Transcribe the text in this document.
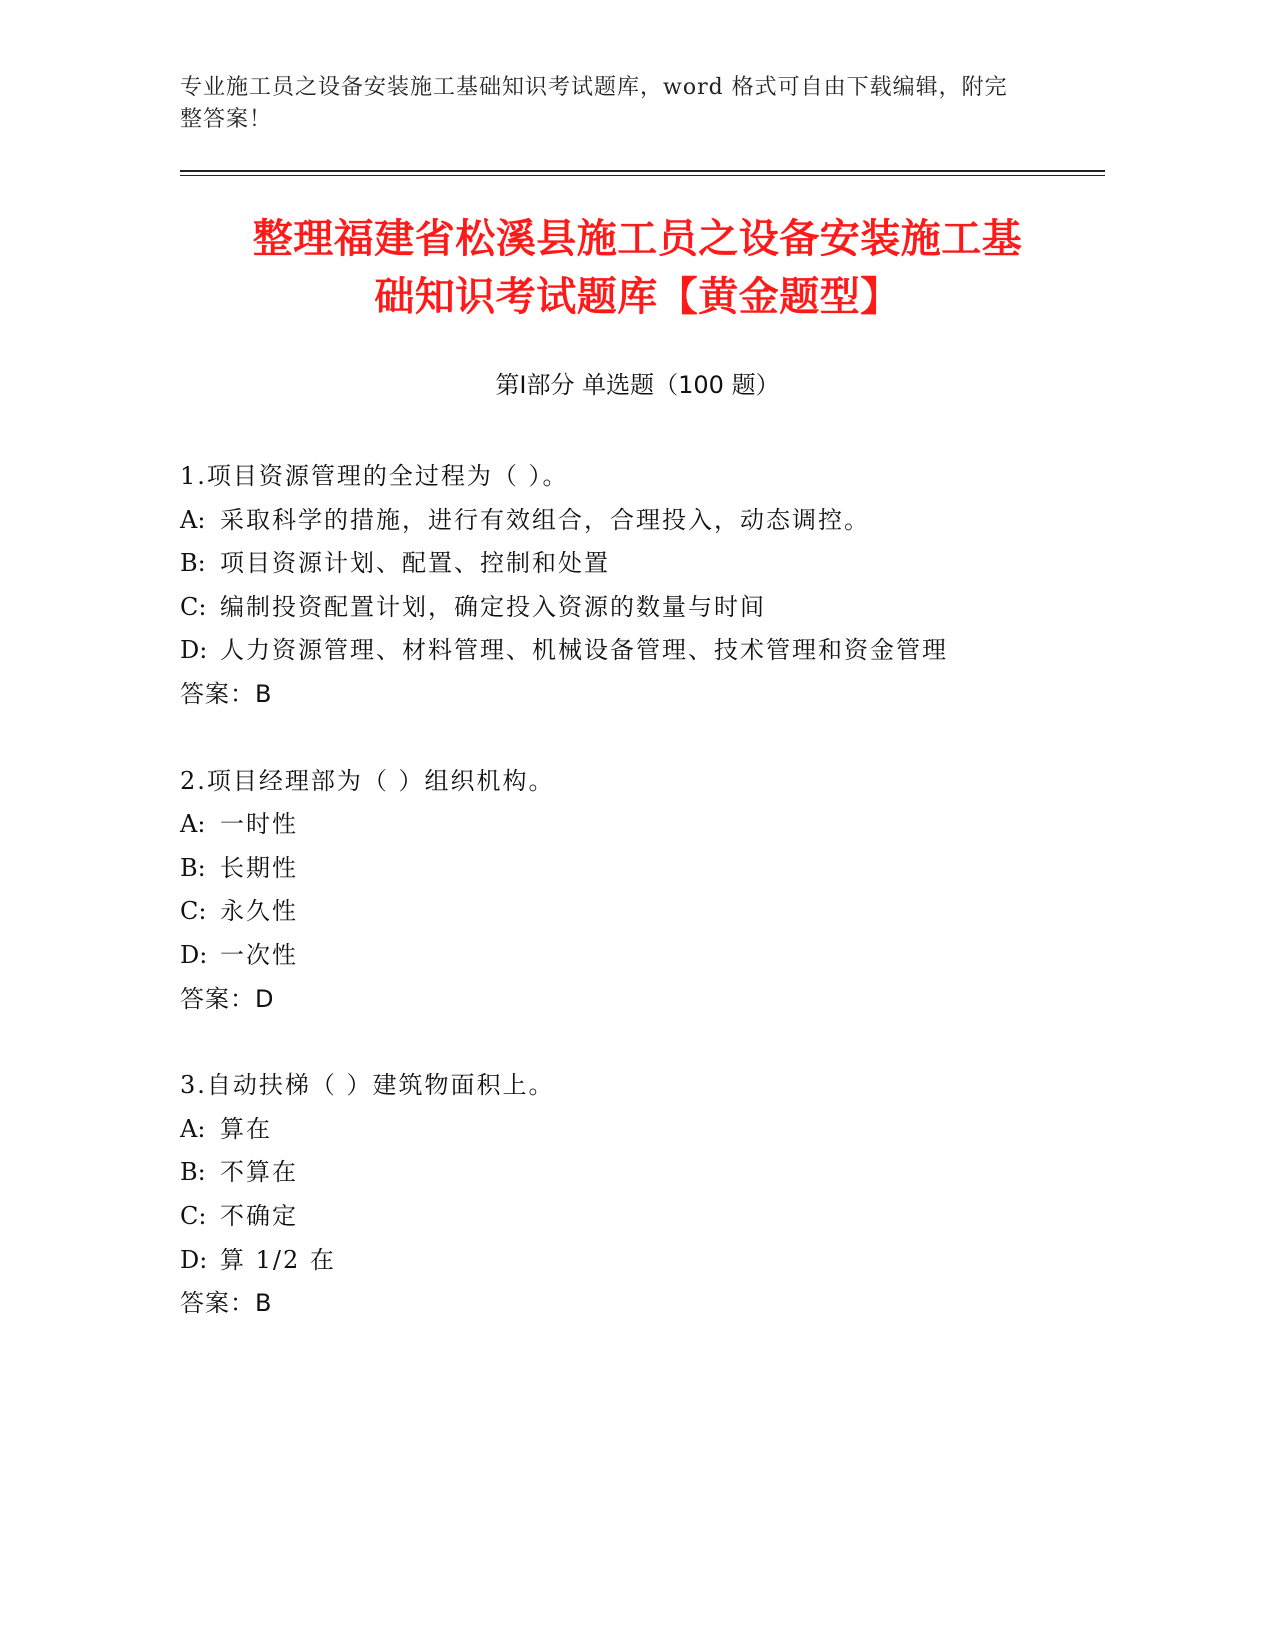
专业施工员之设备安装施工基础知识考试题库，word 格式可自由下载编辑，附完
整答案！
整理福建省松溪县施工员之设备安装施工基
础知识考试题库【黄金题型】
第Ⅰ部分 单选题（100 题）
1.项目资源管理的全过程为（ ）。
A: 采取科学的措施，进行有效组合，合理投入，动态调控。
B: 项目资源计划、配置、控制和处置
C: 编制投资配置计划，确定投入资源的数量与时间
D: 人力资源管理、材料管理、机械设备管理、技术管理和资金管理
答案：B
2.项目经理部为（ ）组织机构。
A: 一时性
B: 长期性
C: 永久性
D: 一次性
答案：D
3.自动扶梯（ ）建筑物面积上。
A: 算在
B: 不算在
C: 不确定
D: 算 1/2 在
答案：B
